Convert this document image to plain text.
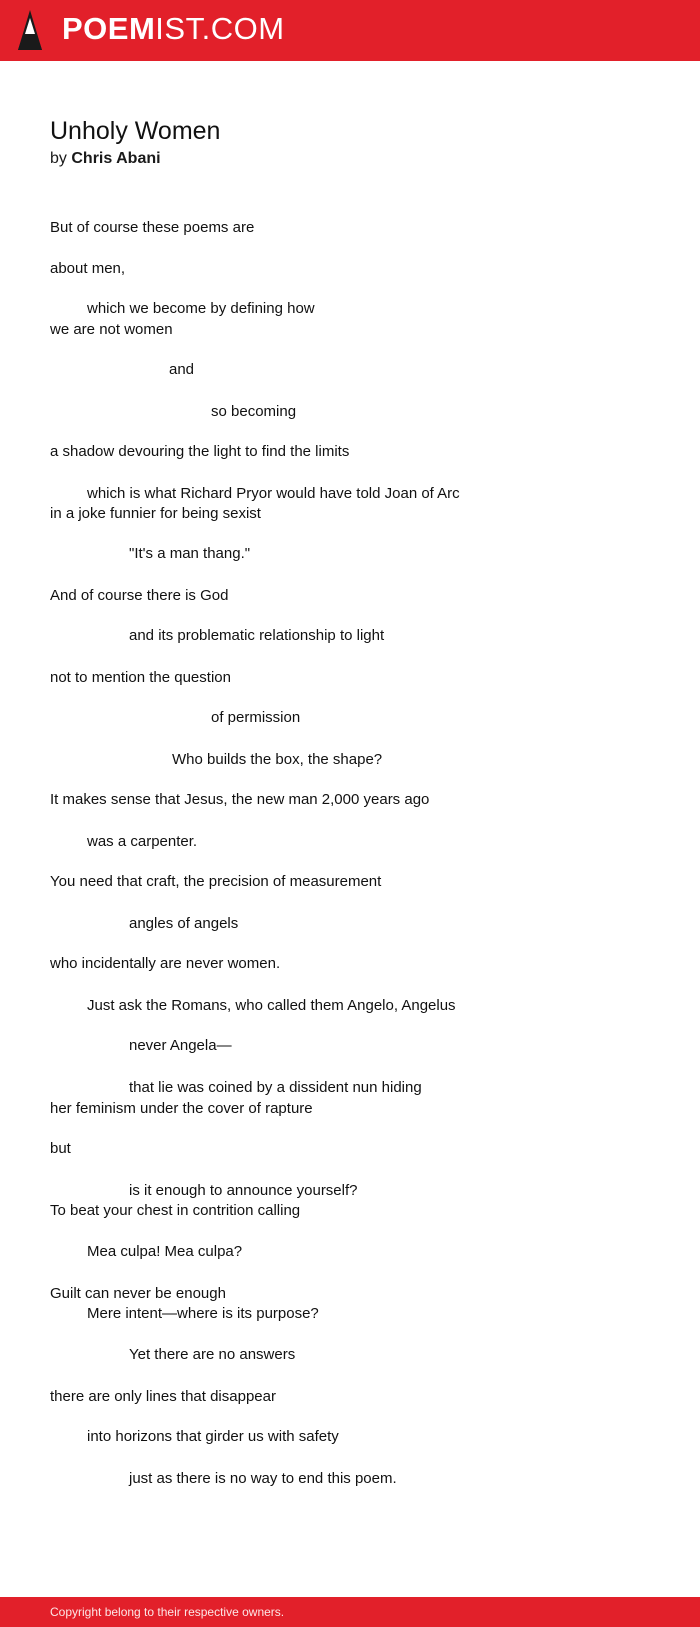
POEMIST.COM
Unholy Women
by Chris Abani
But of course these poems are
about men,
which we become by defining how
we are not women
and
so becoming
a shadow devouring the light to find the limits
which is what Richard Pryor would have told Joan of Arc
in a joke funnier for being sexist
"It's a man thang."
And of course there is God
and its problematic relationship to light
not to mention the question
of permission
Who builds the box, the shape?
It makes sense that Jesus, the new man 2,000 years ago
was a carpenter.
You need that craft, the precision of measurement
angles of angels
who incidentally are never women.
Just ask the Romans, who called them Angelo, Angelus
never Angela—
that lie was coined by a dissident nun hiding
her feminism under the cover of rapture
but
is it enough to announce yourself?
To beat your chest in contrition calling
Mea culpa! Mea culpa?
Guilt can never be enough
Mere intent—where is its purpose?
Yet there are no answers
there are only lines that disappear
into horizons that girder us with safety
just as there is no way to end this poem.
Copyright belong to their respective owners.
